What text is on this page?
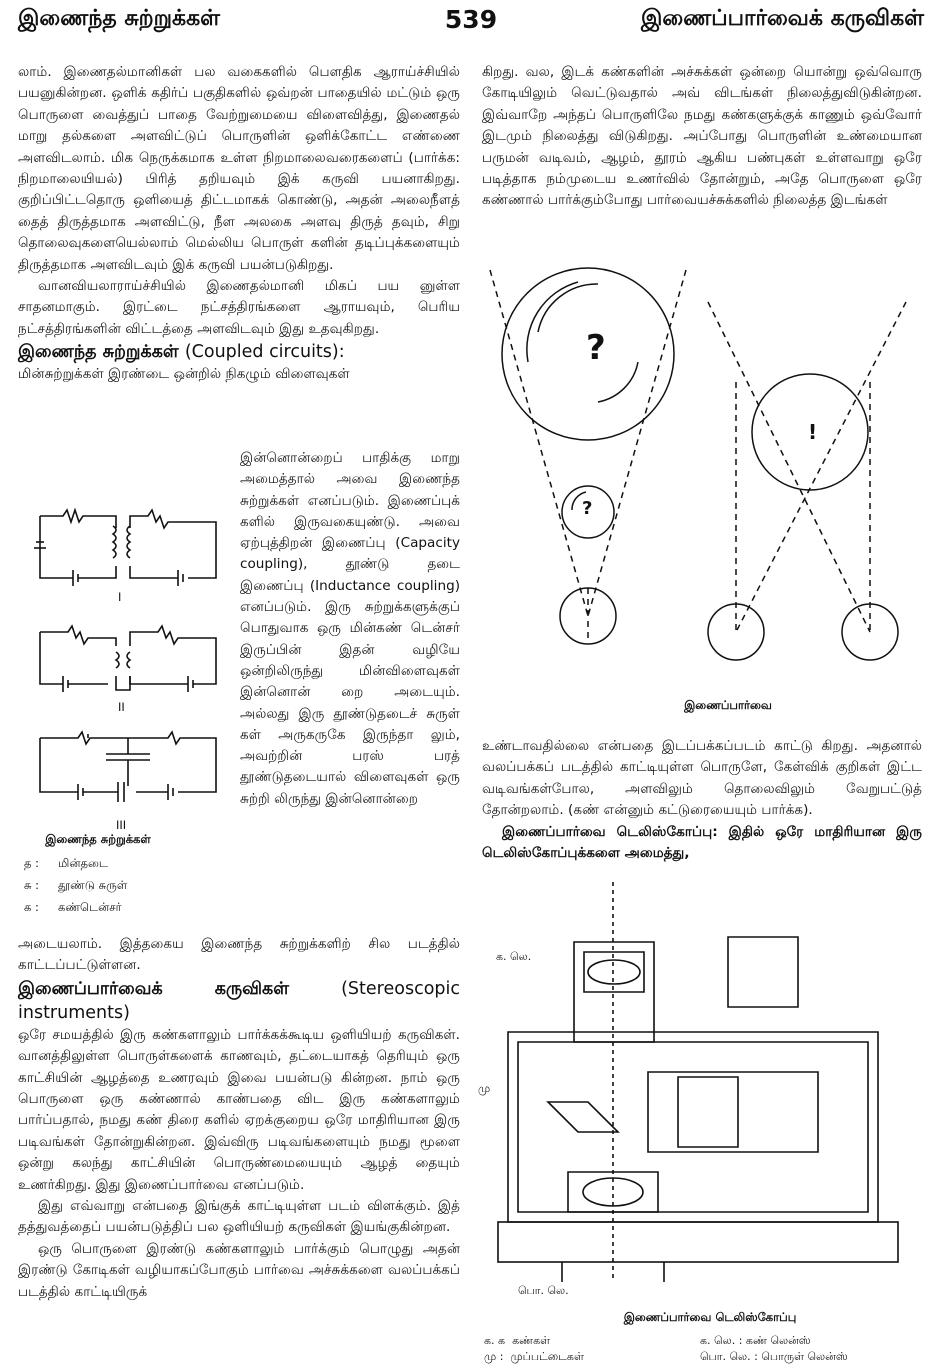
இணைந்த சுற்றுக்கள்	539	இணைப்பார்வைக் கருவிகள்

லாம். இணைதல்மானிகள் பல வகைகளில் பௌதிக ஆராய்ச்சியில் பயனுகின்றன. ஒளிக் கதிர்ப் பகுதிகளில் ஒவ்றன் பாதையில் மட்டும் ஒரு பொருளை வைத்துப் பாதை வேற்றுமையை விளைவித்து, இணைதல் மாறு தல்களை அளவிட்டுப் பொருளின் ஒளிக்கோட்ட எண்ணை அளவிடலாம். மிக நெருக்கமாக உள்ள நிறமாலைவரைகளைப் (பார்க்க: நிறமாலையியல்) பிரித் தறியவும் இக் கருவி பயனாகிறது. குறிப்பிட்டதொரு ஒளியைத் திட்டமாகக் கொண்டு, அதன் அலைநீளத் தைத் திருத்தமாக அளவிட்டு, நீள அலகை அளவு திருத் தவும், சிறு தொலைவுகளையெல்லாம் மெல்லிய பொருள் களின் தடிப்புக்களையும் திருத்தமாக அளவிடவும் இக் கருவி பயன்படுகிறது.

வானவியலாராய்ச்சியில் இணைதல்மானி மிகப் பய னுள்ள சாதனமாகும். இரட்டை நட்சத்திரங்களை ஆராயவும், பெரிய நட்சத்திரங்களின் விட்டத்தை அளவிடவும் இது உதவுகிறது.

இணைந்த சுற்றுக்கள் (Coupled circuits):

மின்சுற்றுக்கள் இரண்டை ஒன்றில் நிகழும் விளைவுகள்

I
II
III
இணைந்த சுற்றுக்கள்
த : மின்தடை
சு : தூண்டு சுருள்
க : கண்டென்சர்
இன்னொன்றைப் பாதிக்கு மாறு அமைத்தால் அவை இணைந்த சுற்றுக்கள் எனப்படும். இணைப்புக் களில் இருவகையுண்டு. அவை ஏற்புத்திறன் இணைப்பு (Capacity coupling), தூண்டு தடை இணைப்பு (Inductance coupling) எனப்படும். இரு சுற்றுக்களுக்குப் பொதுவாக ஒரு மின்கண் டென்சர் இருப்பின் இதன் வழியே ஒன்றிலிருந்து மின்விளைவுகள் இன்னொன் றை அடையும். அல்லது இரு தூண்டுதடைச் சுருள் கள் அருகருகே இருந்தா லும், அவற்றின் பரஸ் பரத் தூண்டுதடையால் விளைவுகள் ஒரு சுற்றி லிருந்து இன்னொன்றை

அடையலாம். இத்தகைய இணைந்த சுற்றுக்களிற் சில படத்தில் காட்டப்பட்டுள்ளன.

இணைப்பார்வைக் கருவிகள்	(Stereoscopic instruments)

ஒரே சமயத்தில் இரு கண்களாலும் பார்க்கக்கூடிய ஒளியியற் கருவிகள். வானத்திலுள்ள பொருள்களைக் காணவும், தட்டையாகத் தெரியும் ஒரு காட்சியின் ஆழத்தை உணரவும் இவை பயன்படு கின்றன. நாம் ஒரு பொருளை ஒரு கண்ணால் காண்பதை விட இரு கண்களாலும் பார்ப்பதால், நமது கண் திரை களில் ஏறக்குறைய ஒரே மாதிரியான இரு படிவங்கள் தோன்றுகின்றன. இவ்விரு படிவங்களையும் நமது மூளை ஒன்று கலந்து காட்சியின் பொருண்மையையும் ஆழத் தையும் உணர்கிறது. இது இணைப்பார்வை எனப்படும்.

இது எவ்வாறு என்பதை இங்குக் காட்டியுள்ள படம் விளக்கும். இத் தத்துவத்தைப் பயன்படுத்திப் பல ஒளியியற் கருவிகள் இயங்குகின்றன.

ஒரு பொருளை இரண்டு கண்களாலும் பார்க்கும் பொழுது அதன் இரண்டு கோடிகள் வழியாகப்போகும் பார்வை அச்சுக்களை வலப்பக்கப் படத்தில் காட்டியிருக்

கிறது. வல, இடக் கண்களின் அச்சுக்கள் ஒன்றை யொன்று ஒவ்வொரு கோடியிலும் வெட்டுவதால் அவ் விடங்கள் நிலைத்துவிடுகின்றன. இவ்வாறே அந்தப் பொருளிலே நமது கண்களுக்குக் காணும் ஒவ்வோர் இடமும் நிலைத்து விடுகிறது. அப்போது பொருளின் உண்மையான பருமன் வடிவம், ஆழம், தூரம் ஆகிய பண்புகள் உள்ளவாறு ஒரே படித்தாக நம்முடைய உணர்வில் தோன்றும், அதே பொருளை ஒரே கண்ணால் பார்க்கும்போது பார்வையச்சுக்களில் நிலைத்த இடங்கள்

?
?
!
இணைப்பார்வை

உண்டாவதில்லை என்பதை இடப்பக்கப்படம் காட்டு கிறது. அதனால் வலப்பக்கப் படத்தில் காட்டியுள்ள பொருளே, கேள்விக் குறிகள் இட்ட வடிவங்கள்போல, அளவிலும் தொலைவிலும் வேறுபட்டுத் தோன்றலாம். (கண் என்னும் கட்டுரையையும் பார்க்க).

இணைப்பார்வை டெலிஸ்கோப்பு: இதில் ஒரே மாதிரியான இரு டெலிஸ்கோப்புக்களை அமைத்து,

க. லெ.
மு
பொ. லெ.
இணைப்பார்வை டெலிஸ்கோப்பு
க. க கண்கள்	க. லெ. : கண் லென்ஸ்
மு : முப்பட்டைகள்	பொ. லெ. : பொருள் லென்ஸ்
